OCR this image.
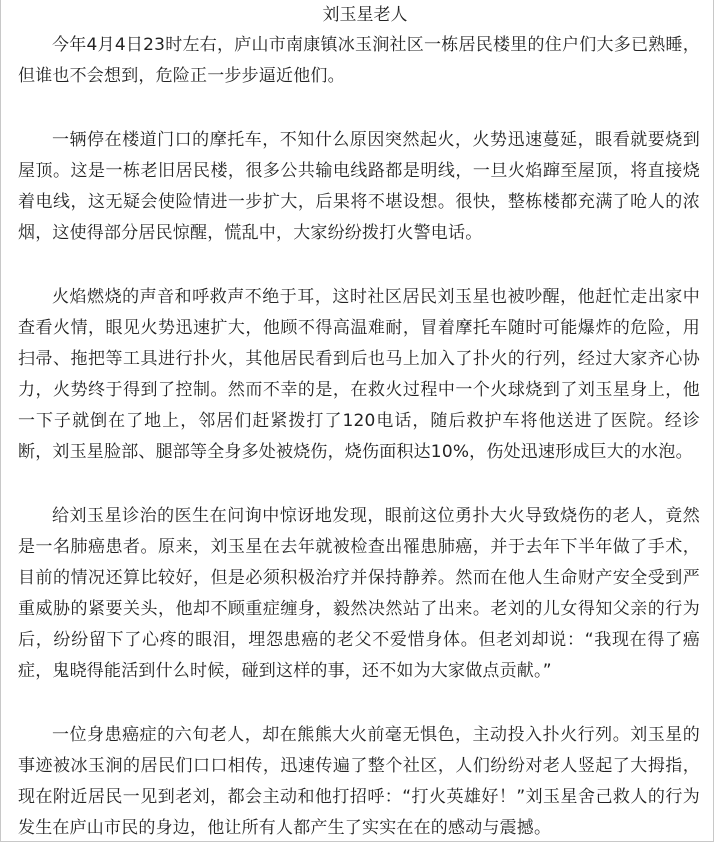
刘玉星老人

今年4月4日23时左右，庐山市南康镇冰玉涧社区一栋居民楼里的住户们大多已熟睡，但谁也不会想到，危险正一步步逼近他们。

一辆停在楼道门口的摩托车，不知什么原因突然起火，火势迅速蔓延，眼看就要烧到屋顶。这是一栋老旧居民楼，很多公共输电线路都是明线，一旦火焰蹿至屋顶，将直接烧着电线，这无疑会使险情进一步扩大，后果将不堪设想。很快，整栋楼都充满了呛人的浓烟，这使得部分居民惊醒，慌乱中，大家纷纷拨打火警电话。

火焰燃烧的声音和呼救声不绝于耳，这时社区居民刘玉星也被吵醒，他赶忙走出家中查看火情，眼见火势迅速扩大，他顾不得高温难耐，冒着摩托车随时可能爆炸的危险，用扫帚、拖把等工具进行扑火，其他居民看到后也马上加入了扑火的行列，经过大家齐心协力，火势终于得到了控制。然而不幸的是，在救火过程中一个火球烧到了刘玉星身上，他一下子就倒在了地上，邻居们赶紧拨打了120电话，随后救护车将他送进了医院。经诊断，刘玉星脸部、腿部等全身多处被烧伤，烧伤面积达10%，伤处迅速形成巨大的水泡。

给刘玉星诊治的医生在问询中惊讶地发现，眼前这位勇扑大火导致烧伤的老人，竟然是一名肺癌患者。原来，刘玉星在去年就被检查出罹患肺癌，并于去年下半年做了手术，目前的情况还算比较好，但是必须积极治疗并保持静养。然而在他人生命财产安全受到严重威胁的紧要关头，他却不顾重症缠身，毅然决然站了出来。老刘的儿女得知父亲的行为后，纷纷留下了心疼的眼泪，埋怨患癌的老父不爱惜身体。但老刘却说：“我现在得了癌症，鬼晓得能活到什么时候，碰到这样的事，还不如为大家做点贡献。”

一位身患癌症的六旬老人，却在熊熊大火前毫无惧色，主动投入扑火行列。刘玉星的事迹被冰玉涧的居民们口口相传，迅速传遍了整个社区，人们纷纷对老人竖起了大拇指，现在附近居民一见到老刘，都会主动和他打招呼：“打火英雄好！”刘玉星舍己救人的行为发生在庐山市民的身边，他让所有人都产生了实实在在的感动与震撼。
